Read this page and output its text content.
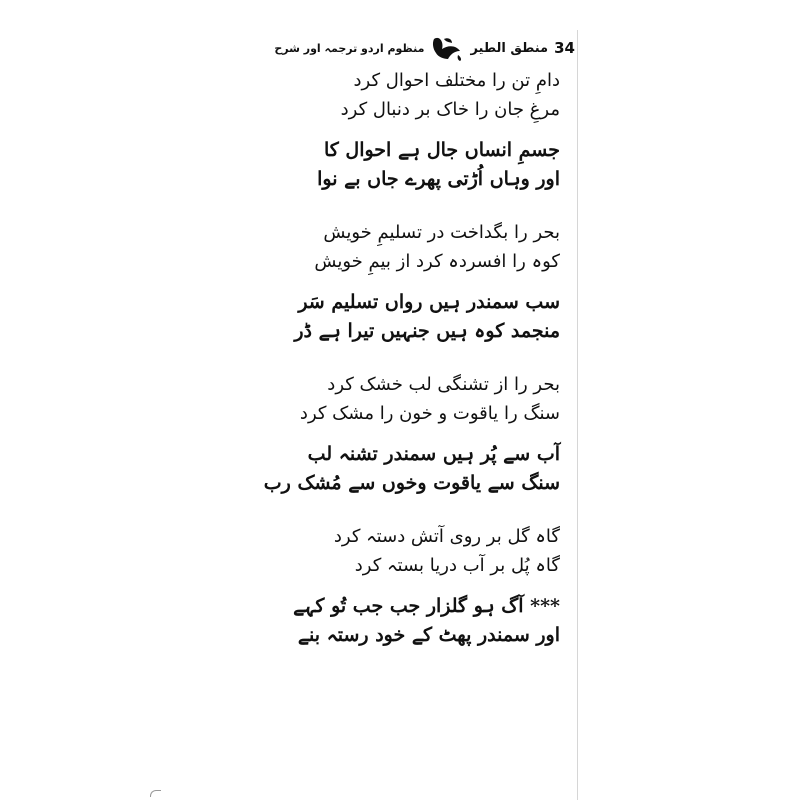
34
منطق الطیر
منظوم اردو ترجمہ اور شرح
دامِ تن را مختلف احوال کرد
مرغِ جان را خاک بر دنبال کرد
جسمِ انساں جال ہے احوال کا
اور وہاں اُڑتی پھرے جاں بے نوا
بحر را بگداخت در تسلیمِ خویش
کوہ را افسردہ کرد از بیمِ خویش
سب سمندر ہیں رواں تسلیم سَر
منجمد کوہ ہیں جنہیں تیرا ہے ڈر
بحر را از تشنگی لب خشک کرد
سنگ را یاقوت و خون را مشک کرد
آب سے پُر ہیں سمندر تشنہ لب
سنگ سے یاقوت وخوں سے مُشک رب
گاہ گل بر روی آتش دستہ کرد
گاہ پُل بر آب دریا بستہ کرد
*** آگ ہو گلزار جب جب تُو کہے
اور سمندر پھٹ کے خود رستہ بنے
